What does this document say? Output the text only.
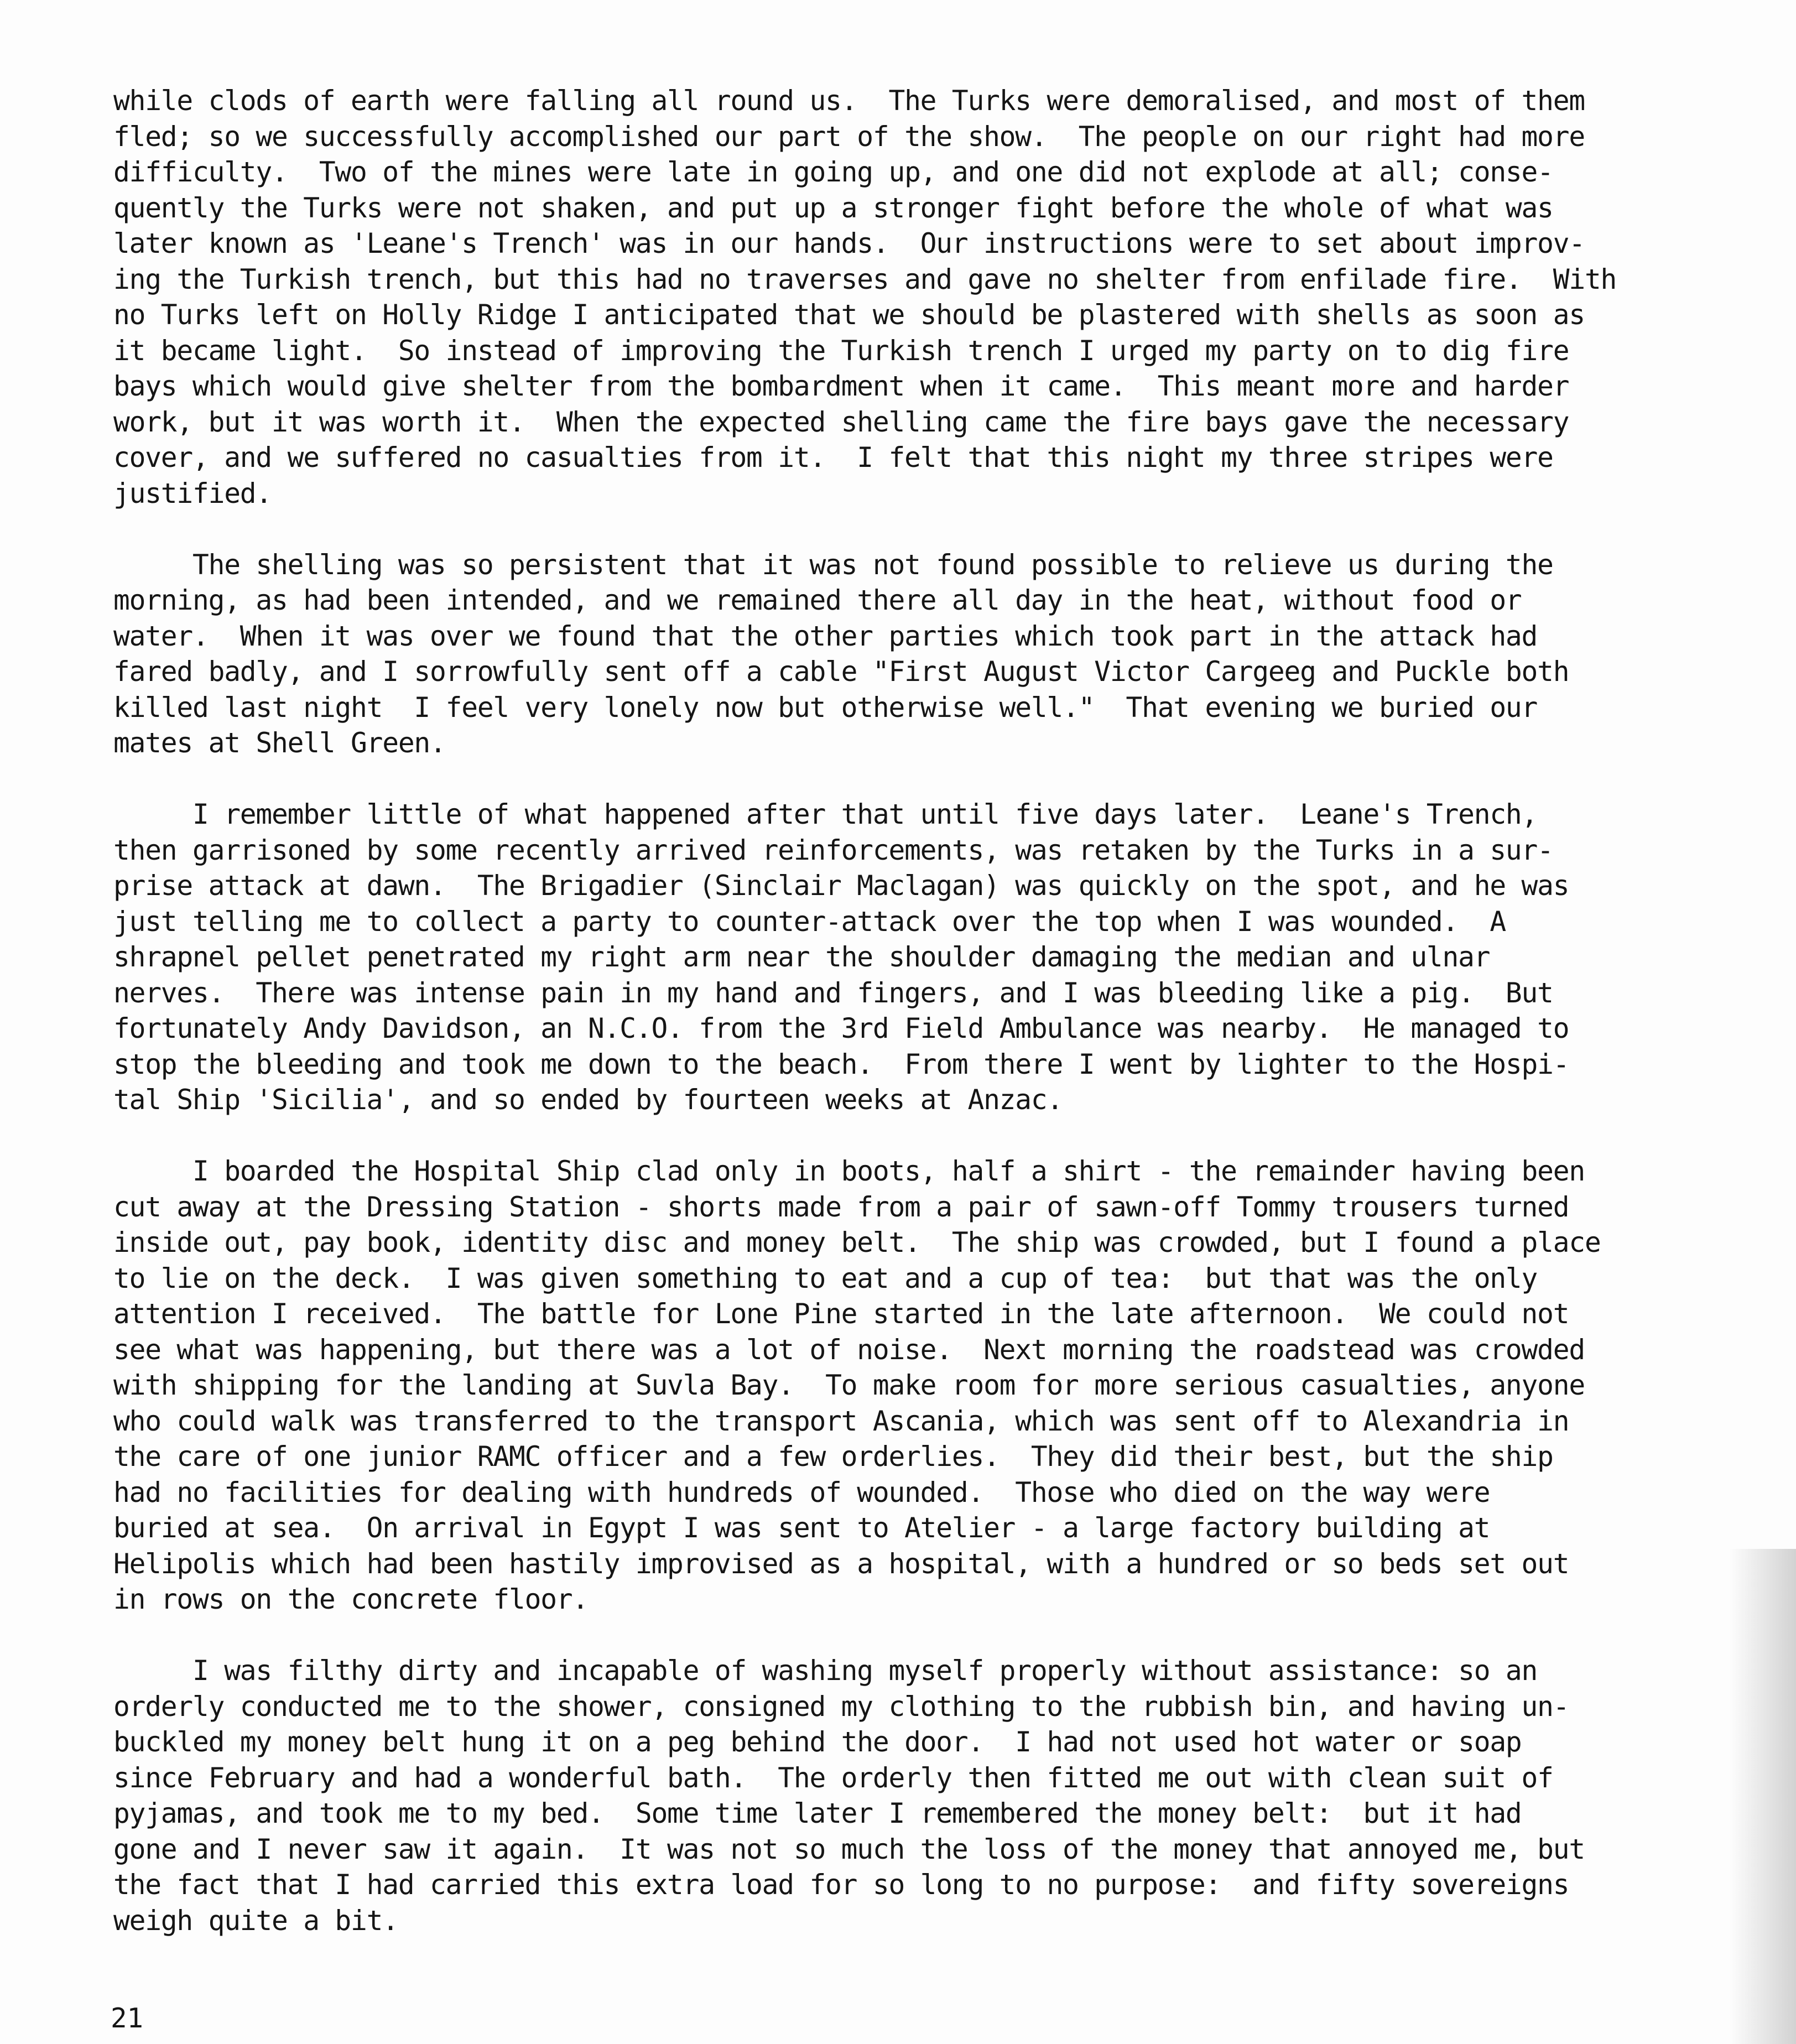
while clods of earth were falling all round us.  The Turks were demoralised, and most of them
fled; so we successfully accomplished our part of the show.  The people on our right had more
difficulty.  Two of the mines were late in going up, and one did not explode at all; conse-
quently the Turks were not shaken, and put up a stronger fight before the whole of what was
later known as 'Leane's Trench' was in our hands.  Our instructions were to set about improv-
ing the Turkish trench, but this had no traverses and gave no shelter from enfilade fire.  With
no Turks left on Holly Ridge I anticipated that we should be plastered with shells as soon as
it became light.  So instead of improving the Turkish trench I urged my party on to dig fire
bays which would give shelter from the bombardment when it came.  This meant more and harder
work, but it was worth it.  When the expected shelling came the fire bays gave the necessary
cover, and we suffered no casualties from it.  I felt that this night my three stripes were
justified.
The shelling was so persistent that it was not found possible to relieve us during the
morning, as had been intended, and we remained there all day in the heat, without food or
water.  When it was over we found that the other parties which took part in the attack had
fared badly, and I sorrowfully sent off a cable "First August Victor Cargeeg and Puckle both
killed last night  I feel very lonely now but otherwise well."  That evening we buried our
mates at Shell Green.
I remember little of what happened after that until five days later.  Leane's Trench,
then garrisoned by some recently arrived reinforcements, was retaken by the Turks in a sur-
prise attack at dawn.  The Brigadier (Sinclair Maclagan) was quickly on the spot, and he was
just telling me to collect a party to counter-attack over the top when I was wounded.  A
shrapnel pellet penetrated my right arm near the shoulder damaging the median and ulnar
nerves.  There was intense pain in my hand and fingers, and I was bleeding like a pig.  But
fortunately Andy Davidson, an N.C.O. from the 3rd Field Ambulance was nearby.  He managed to
stop the bleeding and took me down to the beach.  From there I went by lighter to the Hospi-
tal Ship 'Sicilia', and so ended by fourteen weeks at Anzac.
I boarded the Hospital Ship clad only in boots, half a shirt - the remainder having been
cut away at the Dressing Station - shorts made from a pair of sawn-off Tommy trousers turned
inside out, pay book, identity disc and money belt.  The ship was crowded, but I found a place
to lie on the deck.  I was given something to eat and a cup of tea:  but that was the only
attention I received.  The battle for Lone Pine started in the late afternoon.  We could not
see what was happening, but there was a lot of noise.  Next morning the roadstead was crowded
with shipping for the landing at Suvla Bay.  To make room for more serious casualties, anyone
who could walk was transferred to the transport Ascania, which was sent off to Alexandria in
the care of one junior RAMC officer and a few orderlies.  They did their best, but the ship
had no facilities for dealing with hundreds of wounded.  Those who died on the way were
buried at sea.  On arrival in Egypt I was sent to Atelier - a large factory building at
Helipolis which had been hastily improvised as a hospital, with a hundred or so beds set out
in rows on the concrete floor.
I was filthy dirty and incapable of washing myself properly without assistance: so an
orderly conducted me to the shower, consigned my clothing to the rubbish bin, and having un-
buckled my money belt hung it on a peg behind the door.  I had not used hot water or soap
since February and had a wonderful bath.  The orderly then fitted me out with clean suit of
pyjamas, and took me to my bed.  Some time later I remembered the money belt:  but it had
gone and I never saw it again.  It was not so much the loss of the money that annoyed me, but
the fact that I had carried this extra load for so long to no purpose:  and fifty sovereigns
weigh quite a bit.
21
